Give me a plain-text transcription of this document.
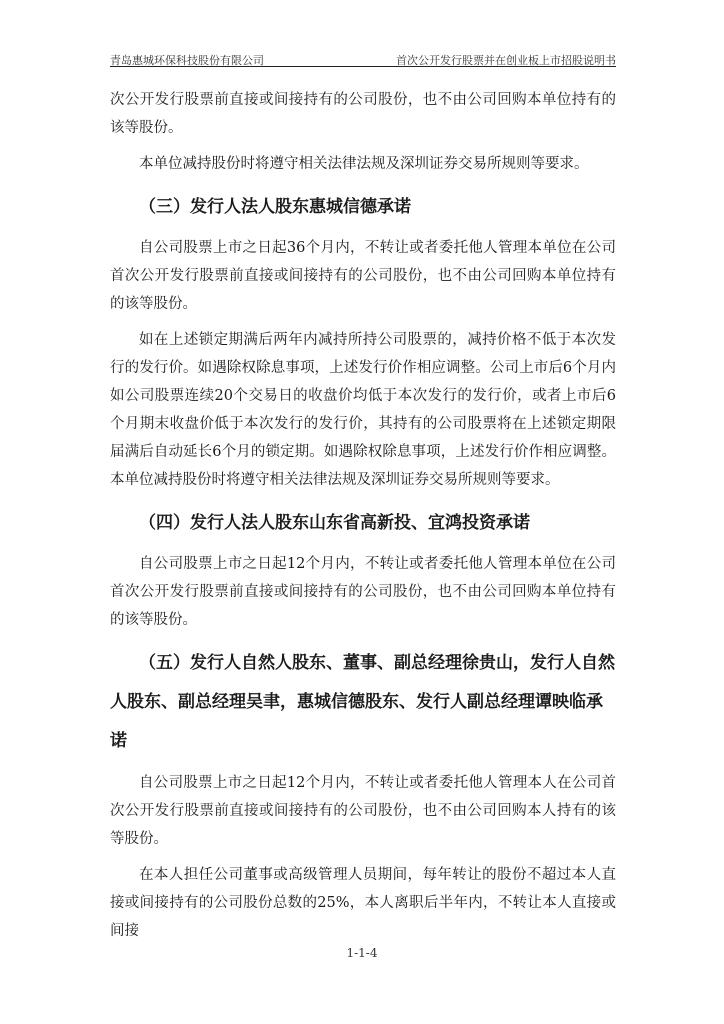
青岛惠城环保科技股份有限公司	首次公开发行股票并在创业板上市招股说明书

次公开发行股票前直接或间接持有的公司股份，也不由公司回购本单位持有的该等股份。

本单位减持股份时将遵守相关法律法规及深圳证券交易所规则等要求。

（三）发行人法人股东惠城信德承诺

自公司股票上市之日起36个月内，不转让或者委托他人管理本单位在公司首次公开发行股票前直接或间接持有的公司股份，也不由公司回购本单位持有的该等股份。

如在上述锁定期满后两年内减持所持公司股票的，减持价格不低于本次发行的发行价。如遇除权除息事项，上述发行价作相应调整。公司上市后6个月内如公司股票连续20个交易日的收盘价均低于本次发行的发行价，或者上市后6个月期末收盘价低于本次发行的发行价，其持有的公司股票将在上述锁定期限届满后自动延长6个月的锁定期。如遇除权除息事项，上述发行价作相应调整。本单位减持股份时将遵守相关法律法规及深圳证券交易所规则等要求。

（四）发行人法人股东山东省高新投、宜鸿投资承诺

自公司股票上市之日起12个月内，不转让或者委托他人管理本单位在公司首次公开发行股票前直接或间接持有的公司股份，也不由公司回购本单位持有的该等股份。

（五）发行人自然人股东、董事、副总经理徐贵山，发行人自然人股东、副总经理吴聿，惠城信德股东、发行人副总经理谭映临承诺

自公司股票上市之日起12个月内，不转让或者委托他人管理本人在公司首次公开发行股票前直接或间接持有的公司股份，也不由公司回购本人持有的该等股份。

在本人担任公司董事或高级管理人员期间，每年转让的股份不超过本人直接或间接持有的公司股份总数的25%，本人离职后半年内，不转让本人直接或间接

1-1-4
